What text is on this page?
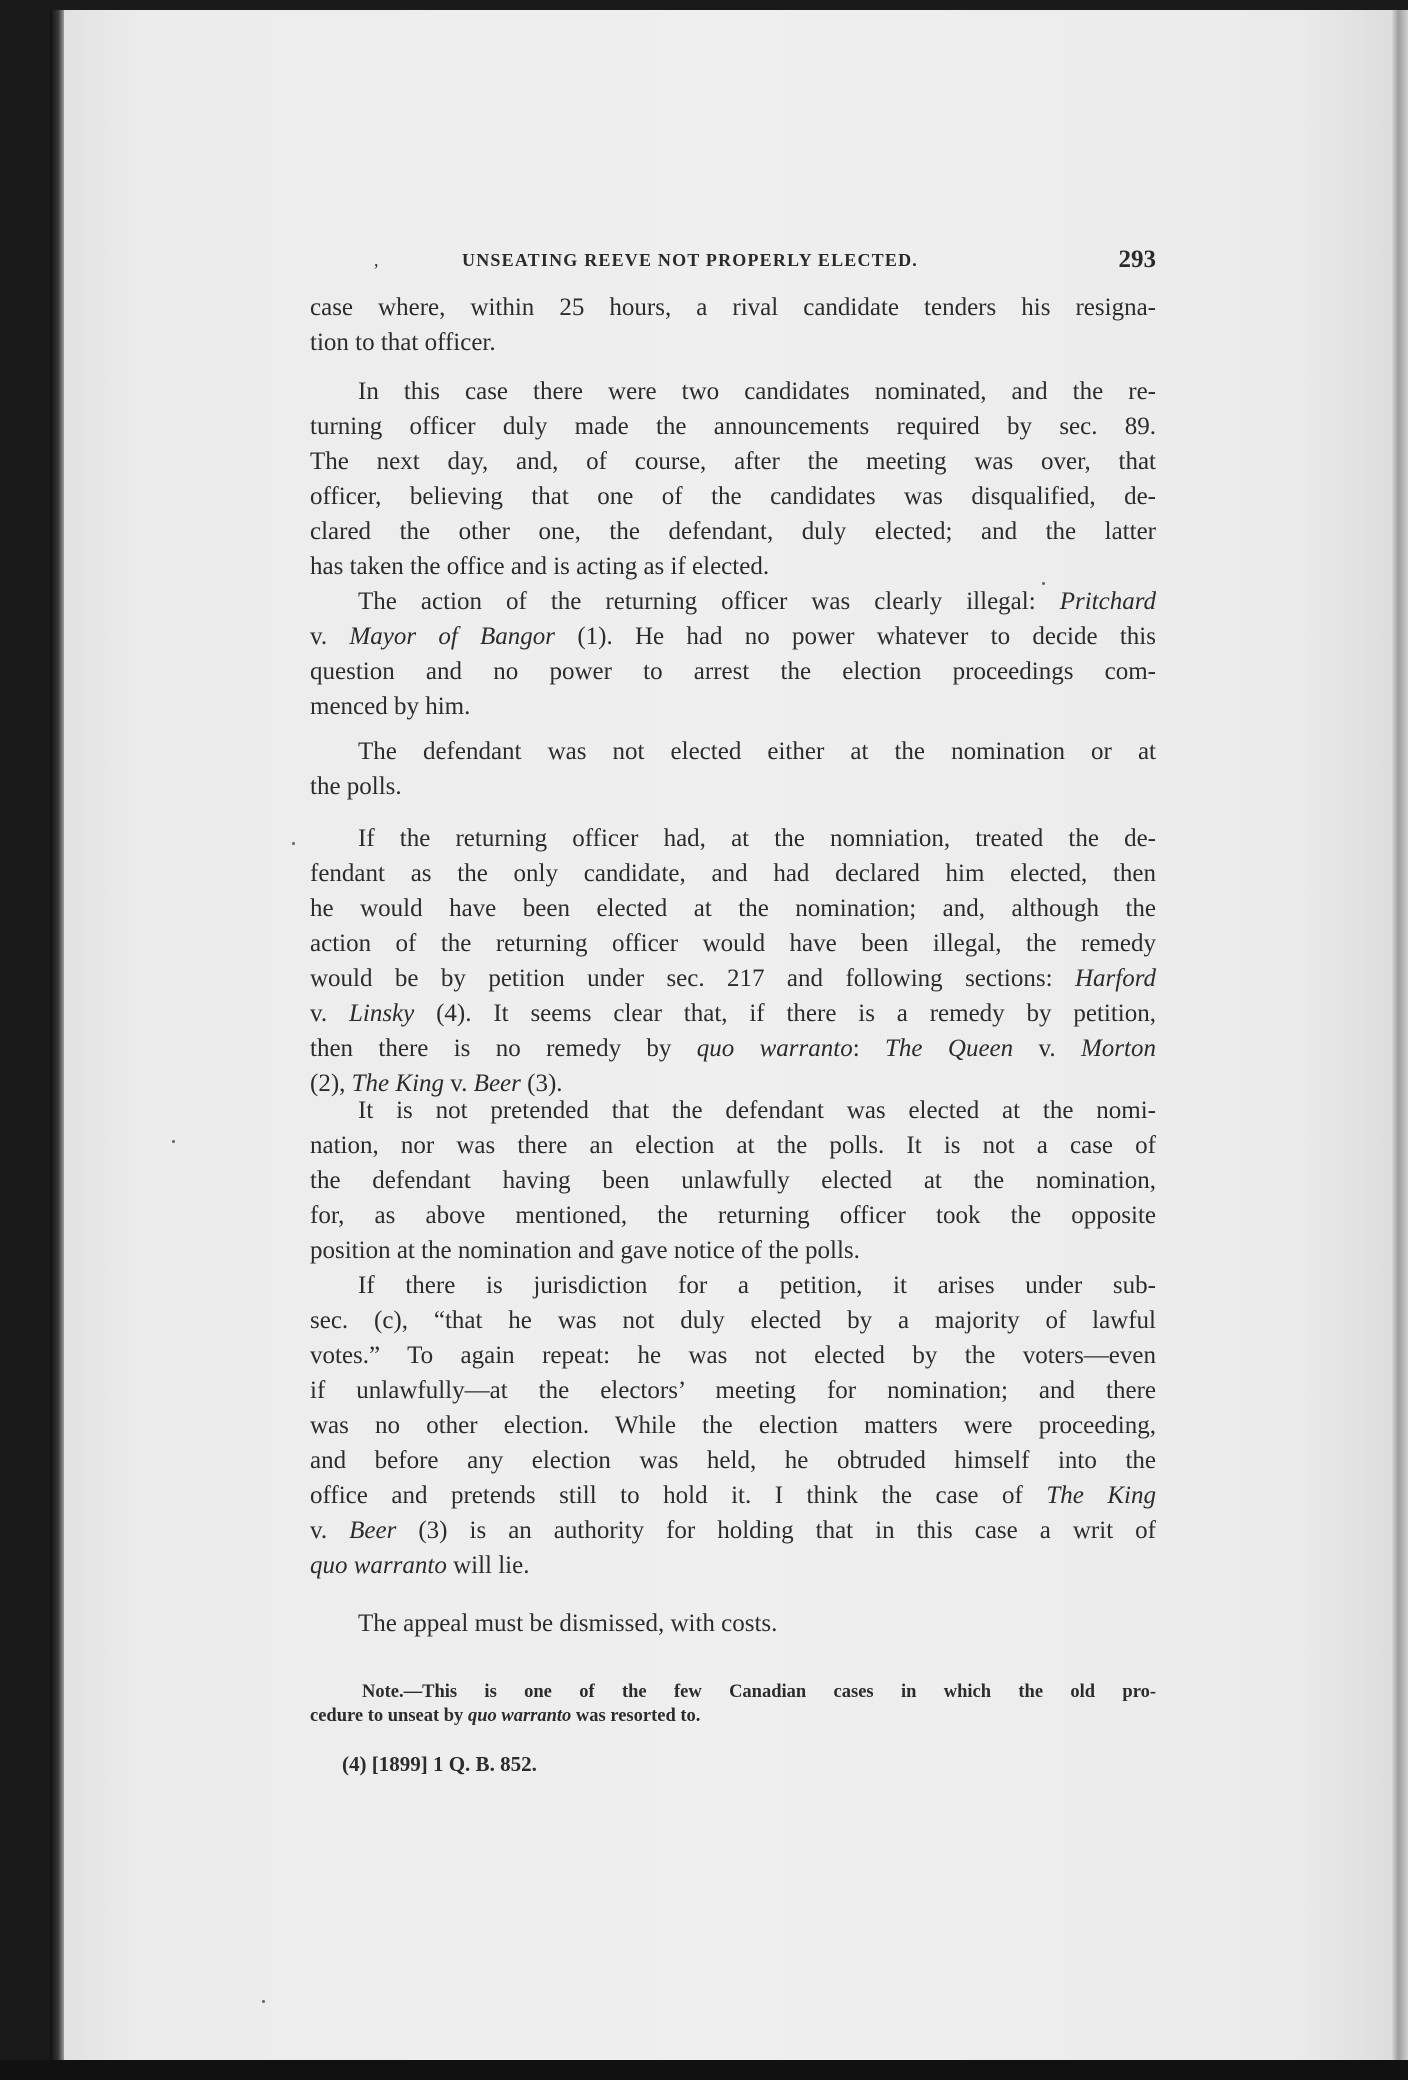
,	UNSEATING REEVE NOT PROPERLY ELECTED.	293
case where, within 25 hours, a rival candidate tenders his resigna-
tion to that officer.
In this case there were two candidates nominated, and the re-
turning officer duly made the announcements required by sec. 89.
The next day, and, of course, after the meeting was over, that
officer, believing that one of the candidates was disqualified, de-
clared the other one, the defendant, duly elected; and the latter
has taken the office and is acting as if elected.
The action of the returning officer was clearly illegal: Pritchard
v. Mayor of Bangor (1). He had no power whatever to decide this
question and no power to arrest the election proceedings com-
menced by him.
The defendant was not elected either at the nomination or at
the polls.
If the returning officer had, at the nomniation, treated the de-
fendant as the only candidate, and had declared him elected, then
he would have been elected at the nomination; and, although the
action of the returning officer would have been illegal, the remedy
would be by petition under sec. 217 and following sections: Harford
v. Linsky (4). It seems clear that, if there is a remedy by petition,
then there is no remedy by quo warranto: The Queen v. Morton
(2), The King v. Beer (3).
It is not pretended that the defendant was elected at the nomi-
nation, nor was there an election at the polls. It is not a case of
the defendant having been unlawfully elected at the nomination,
for, as above mentioned, the returning officer took the opposite
position at the nomination and gave notice of the polls.
If there is jurisdiction for a petition, it arises under sub-
sec. (c), “that he was not duly elected by a majority of lawful
votes.” To again repeat: he was not elected by the voters—even
if unlawfully—at the electors’ meeting for nomination; and there
was no other election. While the election matters were proceeding,
and before any election was held, he obtruded himself into the
office and pretends still to hold it. I think the case of The King
v. Beer (3) is an authority for holding that in this case a writ of
quo warranto will lie.
The appeal must be dismissed, with costs.
Note.—This is one of the few Canadian cases in which the old pro-
cedure to unseat by quo warranto was resorted to.
(4) [1899] 1 Q. B. 852.
